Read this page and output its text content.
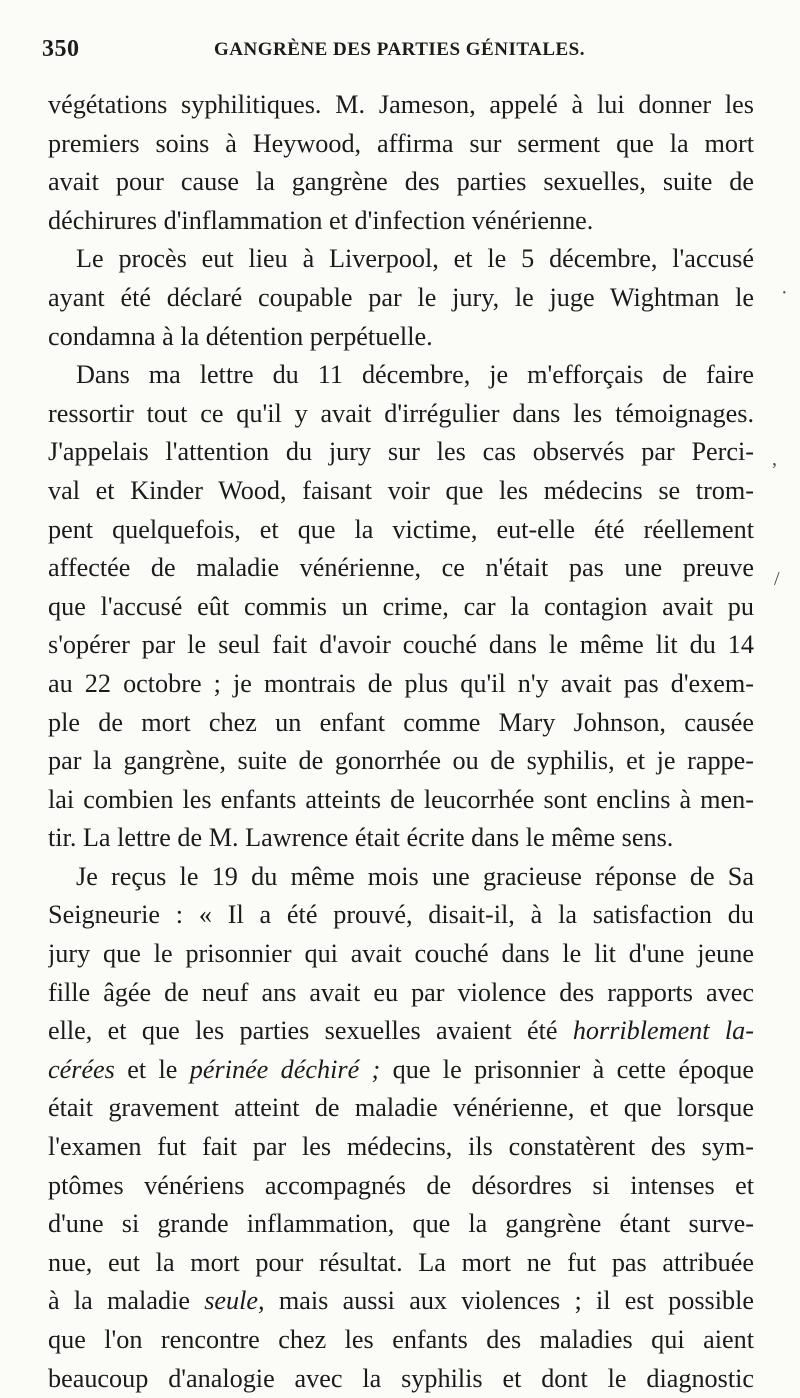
350	GANGRÈNE DES PARTIES GÉNITALES.
végétations syphilitiques. M. Jameson, appelé à lui donner les
premiers soins à Heywood, affirma sur serment que la mort
avait pour cause la gangrène des parties sexuelles, suite de
déchirures d'inflammation et d'infection vénérienne.
Le procès eut lieu à Liverpool, et le 5 décembre, l'accusé
ayant été déclaré coupable par le jury, le juge Wightman le
condamna à la détention perpétuelle.
Dans ma lettre du 11 décembre, je m'efforçais de faire
ressortir tout ce qu'il y avait d'irrégulier dans les témoignages.
J'appelais l'attention du jury sur les cas observés par Perci-
val et Kinder Wood, faisant voir que les médecins se trom-
pent quelquefois, et que la victime, eut-elle été réellement
affectée de maladie vénérienne, ce n'était pas une preuve
que l'accusé eût commis un crime, car la contagion avait pu
s'opérer par le seul fait d'avoir couché dans le même lit du 14
au 22 octobre ; je montrais de plus qu'il n'y avait pas d'exem-
ple de mort chez un enfant comme Mary Johnson, causée
par la gangrène, suite de gonorrhée ou de syphilis, et je rappe-
lai combien les enfants atteints de leucorrhée sont enclins à men-
tir. La lettre de M. Lawrence était écrite dans le même sens.
Je reçus le 19 du même mois une gracieuse réponse de Sa
Seigneurie : « Il a été prouvé, disait-il, à la satisfaction du
jury que le prisonnier qui avait couché dans le lit d'une jeune
fille âgée de neuf ans avait eu par violence des rapports avec
elle, et que les parties sexuelles avaient été horriblement la-
cérées et le périnée déchiré ; que le prisonnier à cette époque
était gravement atteint de maladie vénérienne, et que lorsque
l'examen fut fait par les médecins, ils constatèrent des sym-
ptômes vénériens accompagnés de désordres si intenses et
d'une si grande inflammation, que la gangrène étant surve-
nue, eut la mort pour résultat. La mort ne fut pas attribuée
à la maladie seule, mais aussi aux violences ; il est possible
que l'on rencontre chez les enfants des maladies qui aient
beaucoup d'analogie avec la syphilis et dont le diagnostic
·
,
/
